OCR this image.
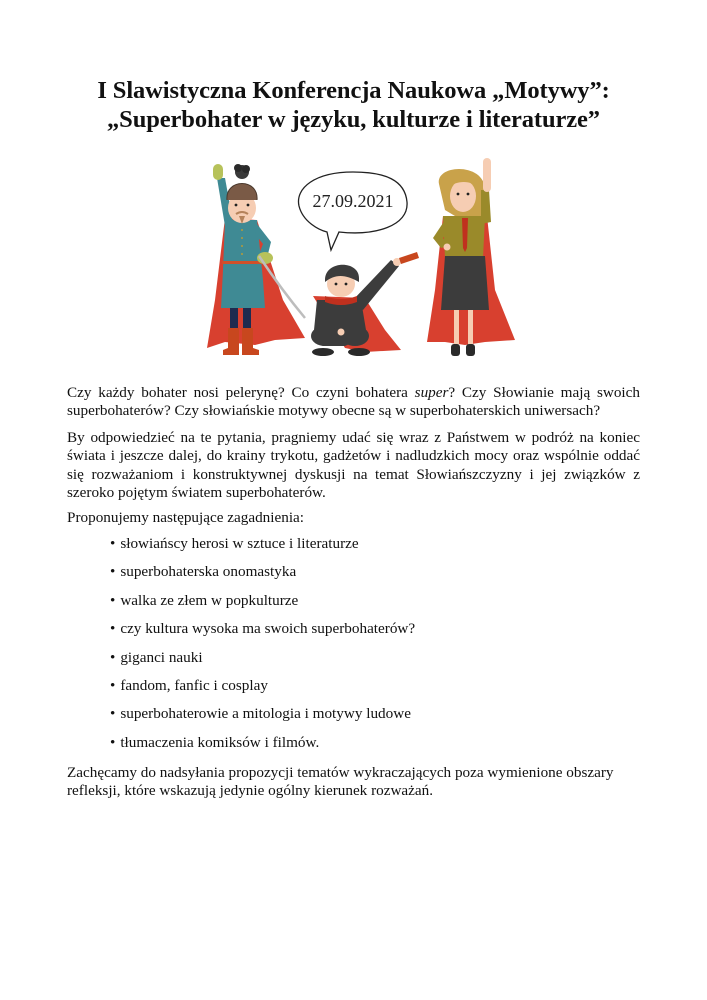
I Slawistyczna Konferencja Naukowa „Motywy”:
„Superbohater w języku, kulturze i literaturze”
27.09.2021

Czy każdy bohater nosi pelerynę? Co czyni bohatera super? Czy Słowianie mają swoich superbohaterów? Czy słowiańskie motywy obecne są w superbohaterskich uniwersach?

By odpowiedzieć na te pytania, pragniemy udać się wraz z Państwem w podróż na koniec świata i jeszcze dalej, do krainy trykotu, gadżetów i nadludzkich mocy oraz wspólnie oddać się rozważaniom i konstruktywnej dyskusji na temat Słowiańszczyzny i jej związków z szeroko pojętym światem superbohaterów.

Proponujemy następujące zagadnienia:

• słowiańscy herosi w sztuce i literaturze
• superbohaterska onomastyka
• walka ze złem w popkulturze
• czy kultura wysoka ma swoich superbohaterów?
• giganci nauki
• fandom, fanfic i cosplay
• superbohaterowie a mitologia i motywy ludowe
• tłumaczenia komiksów i filmów.

Zachęcamy do nadsyłania propozycji tematów wykraczających poza wymienione obszary refleksji, które wskazują jedynie ogólny kierunek rozważań.
